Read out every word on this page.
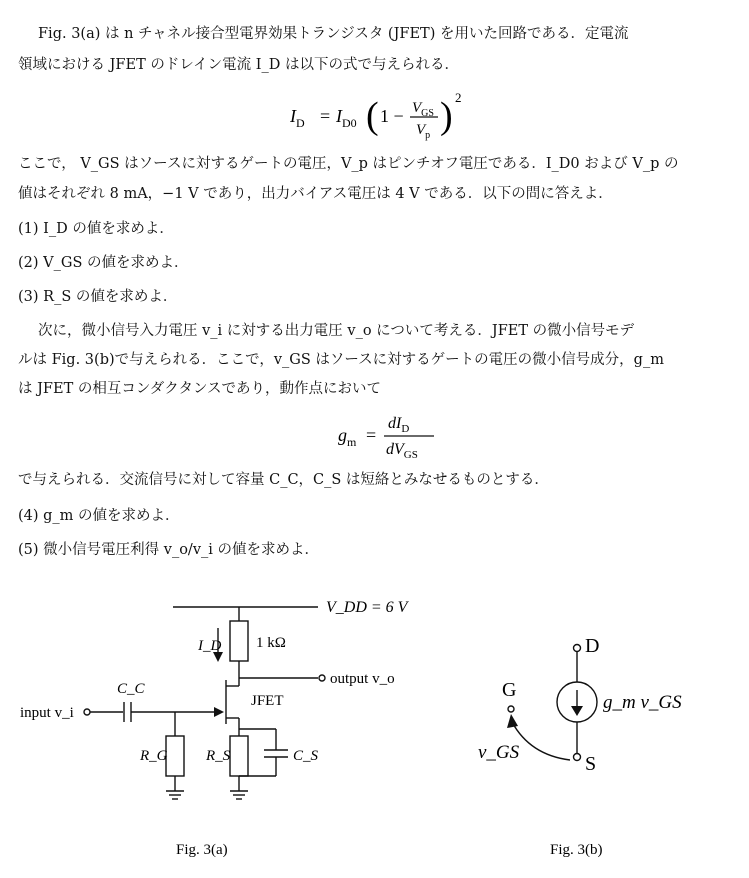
Fig. 3(a) は n チャネル接合型電界効果トランジスタ (JFET) を用いた回路である．定電流
領域における JFET のドレイン電流 I_D は以下の式で与えられる．
$I_D = I_{D0}$ ( $1 - V_{GS}$
$V_p$ ) 2
ここで， V_GS はソースに対するゲートの電圧，V_p はピンチオフ電圧である．I_D0 および V_p の
値はそれぞれ 8 mA，−1 V であり，出力バイアス電圧は 4 V である．以下の問に答えよ．
(1) I_D の値を求めよ．
(2) V_GS の値を求めよ．
(3) R_S の値を求めよ．
次に，微小信号入力電圧 v_i に対する出力電圧 v_o について考える．JFET の微小信号モデ
ルは Fig. 3(b)で与えられる．ここで，v_GS はソースに対するゲートの電圧の微小信号成分，g_m
は JFET の相互コンダクタンスであり，動作点において
$g_m$ =
$dI_D$
$dV_{GS}$
で与えられる．交流信号に対して容量 C_C，C_S は短絡とみなせるものとする．
(4) g_m の値を求めよ．
(5) 微小信号電圧利得 v_o/v_i の値を求めよ．
V_DD = 6 V
I_D 1 kΩ
output v_o
C_C
JFET
input v_i
R_G	R_S	C_S
Fig. 3(a)
D
G
S
g_m v_GS
v_GS
Fig. 3(b)
